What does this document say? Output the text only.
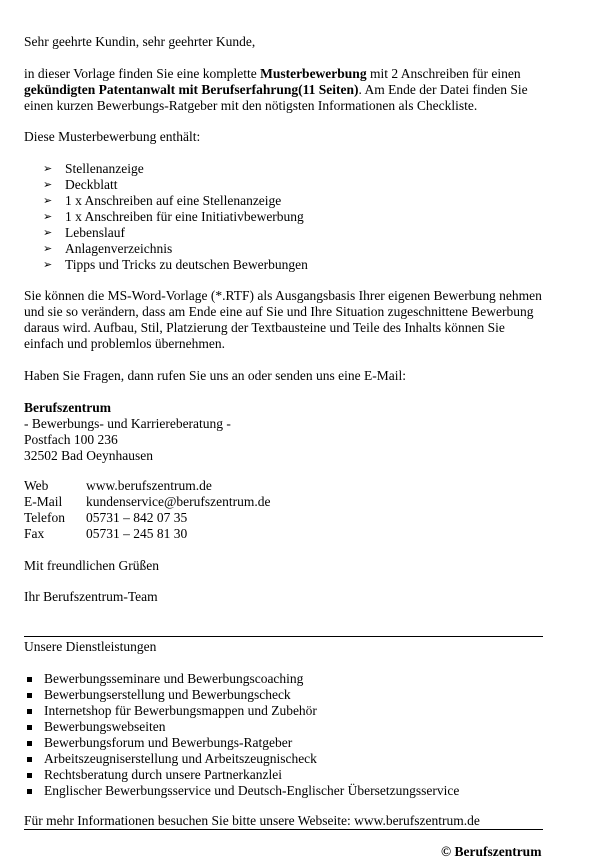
Sehr geehrte Kundin, sehr geehrter Kunde,

in dieser Vorlage finden Sie eine komplette Musterbewerbung mit 2 Anschreiben für einen gekündigten Patentanwalt mit Berufserfahrung(11 Seiten). Am Ende der Datei finden Sie einen kurzen Bewerbungs-Ratgeber mit den nötigsten Informationen als Checkliste.

Diese Musterbewerbung enthält:

➢ Stellenanzeige
➢ Deckblatt
➢ 1 x Anschreiben auf eine Stellenanzeige
➢ 1 x Anschreiben für eine Initiativbewerbung
➢ Lebenslauf
➢ Anlagenverzeichnis
➢ Tipps und Tricks zu deutschen Bewerbungen

Sie können die MS-Word-Vorlage (*.RTF) als Ausgangsbasis Ihrer eigenen Bewerbung nehmen und sie so verändern, dass am Ende eine auf Sie und Ihre Situation zugeschnittene Bewerbung daraus wird. Aufbau, Stil, Platzierung der Textbausteine und Teile des Inhalts können Sie einfach und problemlos übernehmen.

Haben Sie Fragen, dann rufen Sie uns an oder senden uns eine E-Mail:

Berufszentrum
- Bewerbungs- und Karriereberatung -
Postfach 100 236
32502 Bad Oeynhausen
Web	www.berufszentrum.de
E-Mail	kundenservice@berufszentrum.de
Telefon	05731 – 842 07 35
Fax	05731 – 245 81 30

Mit freundlichen Grüßen

Ihr Berufszentrum-Team

Unsere Dienstleistungen

Bewerbungsseminare und Bewerbungscoaching
Bewerbungserstellung und Bewerbungscheck
Internetshop für Bewerbungsmappen und Zubehör
Bewerbungswebseiten
Bewerbungsforum und Bewerbungs-Ratgeber
Arbeitszeugniserstellung und Arbeitszeugnischeck
Rechtsberatung durch unsere Partnerkanzlei
Englischer Bewerbungsservice und Deutsch-Englischer Übersetzungsservice

Für mehr Informationen besuchen Sie bitte unsere Webseite: www.berufszentrum.de

© Berufszentrum
